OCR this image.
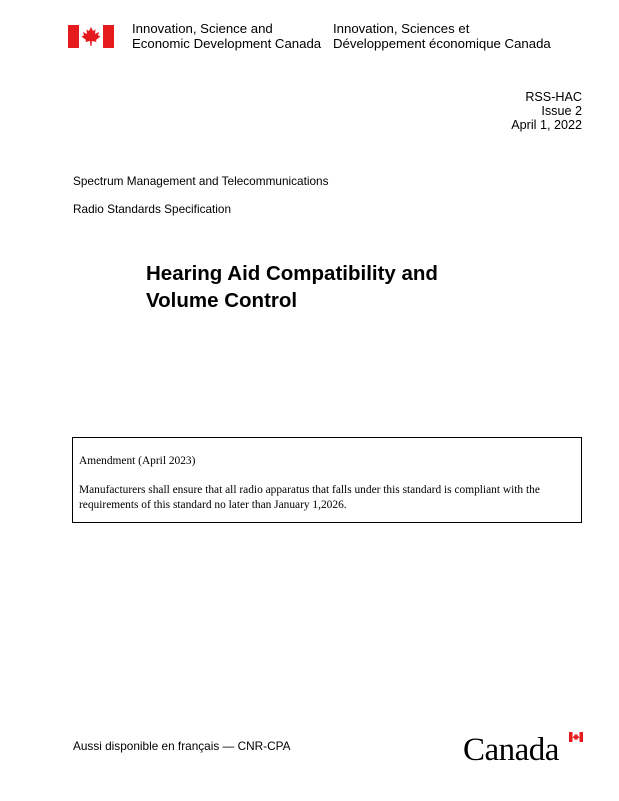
Innovation, Science and
Economic Development Canada
Innovation, Sciences et
Développement économique Canada
RSS-HAC
Issue 2
April 1, 2022
Spectrum Management and Telecommunications
Radio Standards Specification
Hearing Aid Compatibility and
Volume Control
Amendment (April 2023)
Manufacturers shall ensure that all radio apparatus that falls under this standard is compliant with the requirements of this standard no later than January 1,2026.
Aussi disponible en français — CNR-CPA	Canada
